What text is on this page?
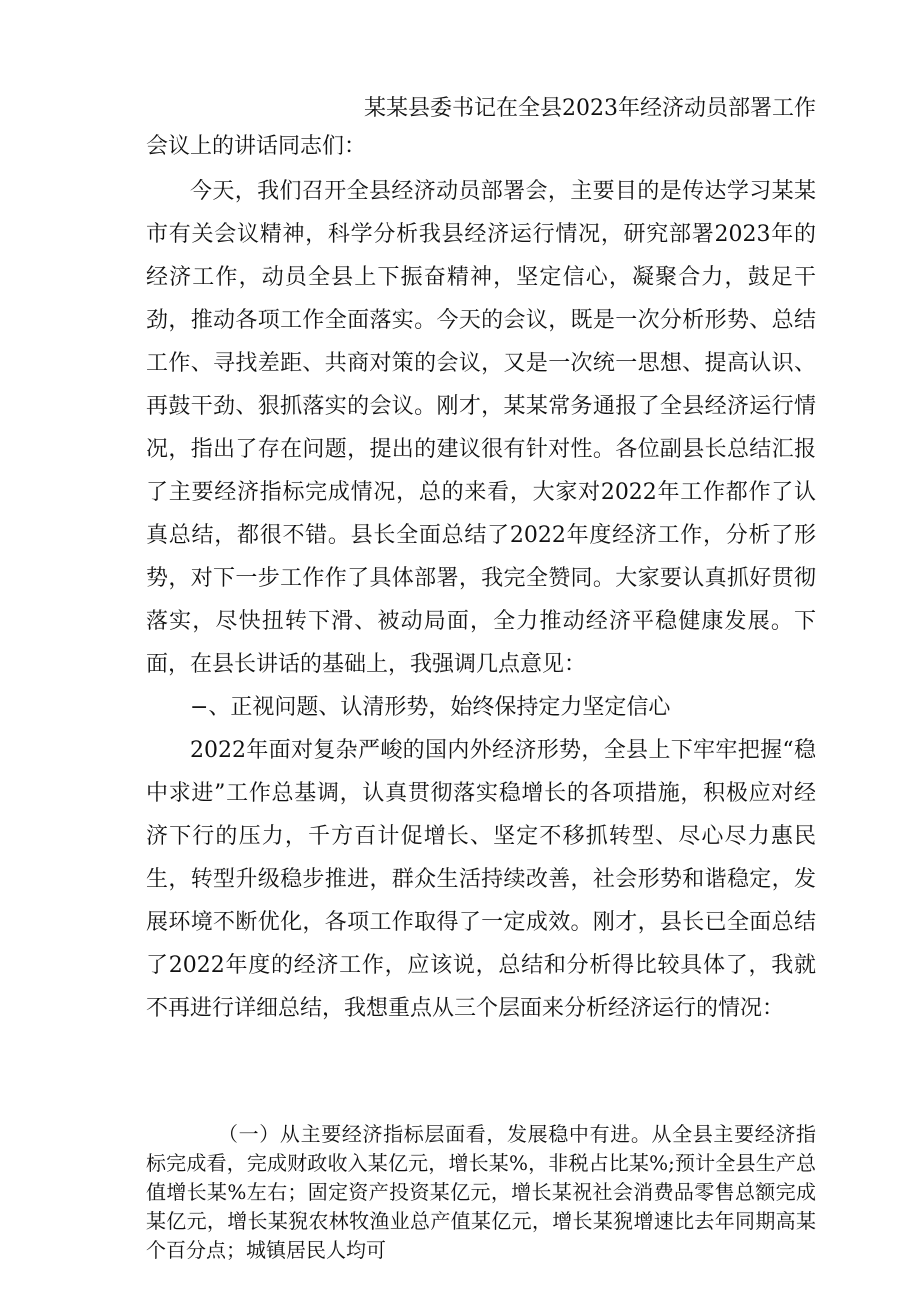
某某县委书记在全县2023年经济动员部署工作
会议上的讲话同志们：

今天，我们召开全县经济动员部署会，主要目的是传达学习某某市有关会议精神，科学分析我县经济运行情况，研究部署2023年的经济工作，动员全县上下振奋精神，坚定信心，凝聚合力，鼓足干劲，推动各项工作全面落实。今天的会议，既是一次分析形势、总结工作、寻找差距、共商对策的会议，又是一次统一思想、提高认识、再鼓干劲、狠抓落实的会议。刚才，某某常务通报了全县经济运行情况，指出了存在问题，提出的建议很有针对性。各位副县长总结汇报了主要经济指标完成情况，总的来看，大家对2022年工作都作了认真总结，都很不错。县长全面总结了2022年度经济工作，分析了形势，对下一步工作作了具体部署，我完全赞同。大家要认真抓好贯彻落实，尽快扭转下滑、被动局面，全力推动经济平稳健康发展。下面，在县长讲话的基础上，我强调几点意见：

−、正视问题、认清形势，始终保持定力坚定信心

2022年面对复杂严峻的国内外经济形势，全县上下牢牢把握“稳中求进”工作总基调，认真贯彻落实稳增长的各项措施，积极应对经济下行的压力，千方百计促增长、坚定不移抓转型、尽心尽力惠民生，转型升级稳步推进，群众生活持续改善，社会形势和谐稳定，发展环境不断优化，各项工作取得了一定成效。刚才，县长已全面总结了2022年度的经济工作，应该说，总结和分析得比较具体了，我就不再进行详细总结，我想重点从三个层面来分析经济运行的情况：

（一）从主要经济指标层面看，发展稳中有进。从全县主要经济指标完成看，完成财政收入某亿元，增长某%，非税占比某%;预计全县生产总值增长某%左右；固定资产投资某亿元，增长某祝社会消费品零售总额完成某亿元，增长某猊农林牧渔业总产值某亿元，增长某猊增速比去年同期高某个百分点；城镇居民人均可
